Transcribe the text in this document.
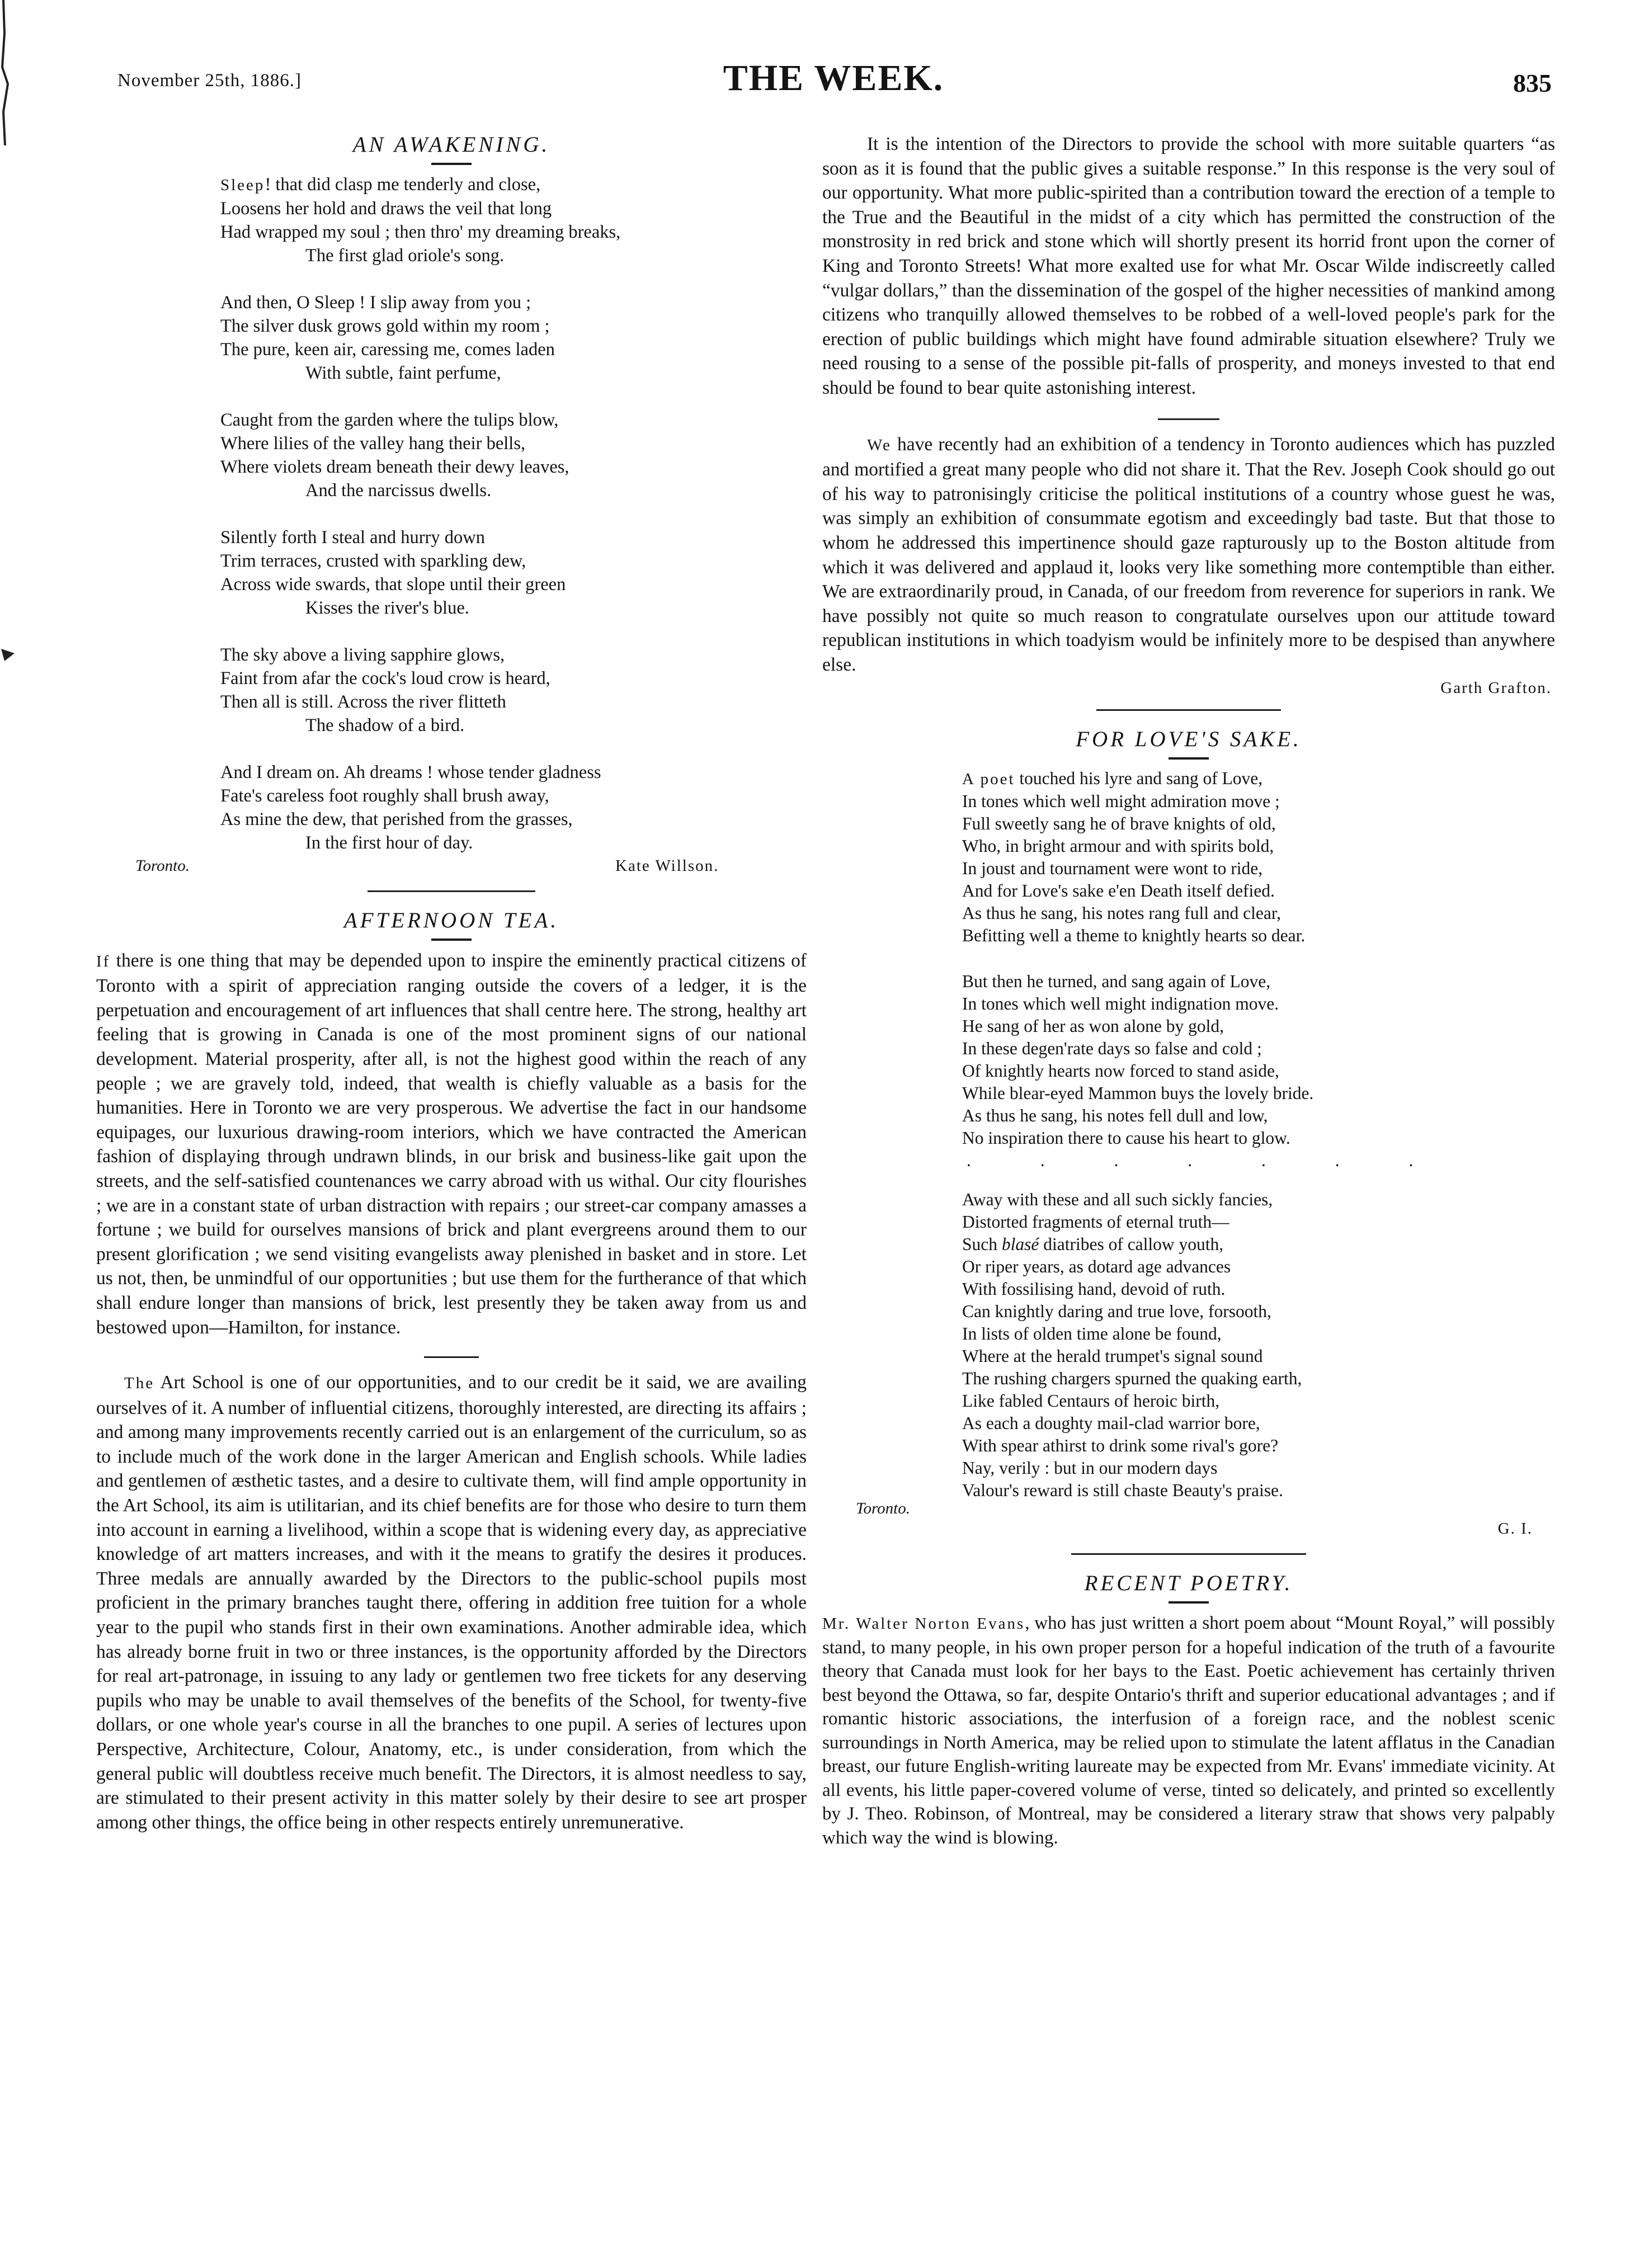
November 25th, 1886.]	THE WEEK.	835
AN AWAKENING.
Sleep! that did clasp me tenderly and close,
Loosens her hold and draws the veil that long
Had wrapped my soul ; then thro' my dreaming breaks,
The first glad oriole's song.
And then, O Sleep ! I slip away from you ;
The silver dusk grows gold within my room ;
The pure, keen air, caressing me, comes laden
With subtle, faint perfume,
Caught from the garden where the tulips blow,
Where lilies of the valley hang their bells,
Where violets dream beneath their dewy leaves,
And the narcissus dwells.
Silently forth I steal and hurry down
Trim terraces, crusted with sparkling dew,
Across wide swards, that slope until their green
Kisses the river's blue.
The sky above a living sapphire glows,
Faint from afar the cock's loud crow is heard,
Then all is still. Across the river flitteth
The shadow of a bird.
And I dream on. Ah dreams ! whose tender gladness
Fate's careless foot roughly shall brush away,
As mine the dew, that perished from the grasses,
In the first hour of day.
Toronto.	Kate Willson.
AFTERNOON TEA.

If there is one thing that may be depended upon to inspire the eminently practical citizens of Toronto with a spirit of appreciation ranging outside the covers of a ledger, it is the perpetuation and encouragement of art influences that shall centre here. The strong, healthy art feeling that is growing in Canada is one of the most prominent signs of our national development. Material prosperity, after all, is not the highest good within the reach of any people ; we are gravely told, indeed, that wealth is chiefly valuable as a basis for the humanities. Here in Toronto we are very prosperous. We advertise the fact in our handsome equipages, our luxurious drawing-room interiors, which we have contracted the American fashion of displaying through undrawn blinds, in our brisk and business-like gait upon the streets, and the self-satisfied countenances we carry abroad with us withal. Our city flourishes ; we are in a constant state of urban distraction with repairs ; our street-car company amasses a fortune ; we build for ourselves mansions of brick and plant evergreens around them to our present glorification ; we send visiting evangelists away plenished in basket and in store. Let us not, then, be unmindful of our opportunities ; but use them for the furtherance of that which shall endure longer than mansions of brick, lest presently they be taken away from us and bestowed upon—Hamilton, for instance.

The Art School is one of our opportunities, and to our credit be it said, we are availing ourselves of it. A number of influential citizens, thoroughly interested, are directing its affairs ; and among many improvements recently carried out is an enlargement of the curriculum, so as to include much of the work done in the larger American and English schools. While ladies and gentlemen of æsthetic tastes, and a desire to cultivate them, will find ample opportunity in the Art School, its aim is utilitarian, and its chief benefits are for those who desire to turn them into account in earning a livelihood, within a scope that is widening every day, as appreciative knowledge of art matters increases, and with it the means to gratify the desires it produces. Three medals are annually awarded by the Directors to the public-school pupils most proficient in the primary branches taught there, offering in addition free tuition for a whole year to the pupil who stands first in their own examinations. Another admirable idea, which has already borne fruit in two or three instances, is the opportunity afforded by the Directors for real art-patronage, in issuing to any lady or gentlemen two free tickets for any deserving pupils who may be unable to avail themselves of the benefits of the School, for twenty-five dollars, or one whole year's course in all the branches to one pupil. A series of lectures upon Perspective, Architecture, Colour, Anatomy, etc., is under consideration, from which the general public will doubtless receive much benefit. The Directors, it is almost needless to say, are stimulated to their present activity in this matter solely by their desire to see art prosper among other things, the office being in other respects entirely unremunerative.

It is the intention of the Directors to provide the school with more suitable quarters “as soon as it is found that the public gives a suitable response.” In this response is the very soul of our opportunity. What more public-spirited than a contribution toward the erection of a temple to the True and the Beautiful in the midst of a city which has permitted the construction of the monstrosity in red brick and stone which will shortly present its horrid front upon the corner of King and Toronto Streets! What more exalted use for what Mr. Oscar Wilde indiscreetly called “vulgar dollars,” than the dissemination of the gospel of the higher necessities of mankind among citizens who tranquilly allowed themselves to be robbed of a well-loved people's park for the erection of public buildings which might have found admirable situation elsewhere? Truly we need rousing to a sense of the possible pit-falls of prosperity, and moneys invested to that end should be found to bear quite astonishing interest.

We have recently had an exhibition of a tendency in Toronto audiences which has puzzled and mortified a great many people who did not share it. That the Rev. Joseph Cook should go out of his way to patronisingly criticise the political institutions of a country whose guest he was, was simply an exhibition of consummate egotism and exceedingly bad taste. But that those to whom he addressed this impertinence should gaze rapturously up to the Boston altitude from which it was delivered and applaud it, looks very like something more contemptible than either. We are extraordinarily proud, in Canada, of our freedom from reverence for superiors in rank. We have possibly not quite so much reason to congratulate ourselves upon our attitude toward republican institutions in which toadyism would be infinitely more to be despised than anywhere else.

Garth Grafton.
FOR LOVE'S SAKE.
A poet touched his lyre and sang of Love,
In tones which well might admiration move ;
Full sweetly sang he of brave knights of old,
Who, in bright armour and with spirits bold,
In joust and tournament were wont to ride,
And for Love's sake e'en Death itself defied.
As thus he sang, his notes rang full and clear,
Befitting well a theme to knightly hearts so dear.
But then he turned, and sang again of Love,
In tones which well might indignation move.
He sang of her as won alone by gold,
In these degen'rate days so false and cold ;
Of knightly hearts now forced to stand aside,
While blear-eyed Mammon buys the lovely bride.
As thus he sang, his notes fell dull and low,
No inspiration there to cause his heart to glow.
. . . . . . .
Away with these and all such sickly fancies,
Distorted fragments of eternal truth—
Such blasé diatribes of callow youth,
Or riper years, as dotard age advances
With fossilising hand, devoid of ruth.
Can knightly daring and true love, forsooth,
In lists of olden time alone be found,
Where at the herald trumpet's signal sound
The rushing chargers spurned the quaking earth,
Like fabled Centaurs of heroic birth,
As each a doughty mail-clad warrior bore,
With spear athirst to drink some rival's gore?
Nay, verily : but in our modern days
Valour's reward is still chaste Beauty's praise.
Toronto.
G. I.
RECENT POETRY.

Mr. Walter Norton Evans, who has just written a short poem about “Mount Royal,” will possibly stand, to many people, in his own proper person for a hopeful indication of the truth of a favourite theory that Canada must look for her bays to the East. Poetic achievement has certainly thriven best beyond the Ottawa, so far, despite Ontario's thrift and superior educational advantages ; and if romantic historic associations, the interfusion of a foreign race, and the noblest scenic surroundings in North America, may be relied upon to stimulate the latent afflatus in the Canadian breast, our future English-writing laureate may be expected from Mr. Evans' immediate vicinity. At all events, his little paper-covered volume of verse, tinted so delicately, and printed so excellently by J. Theo. Robinson, of Montreal, may be considered a literary straw that shows very palpably which way the wind is blowing.
